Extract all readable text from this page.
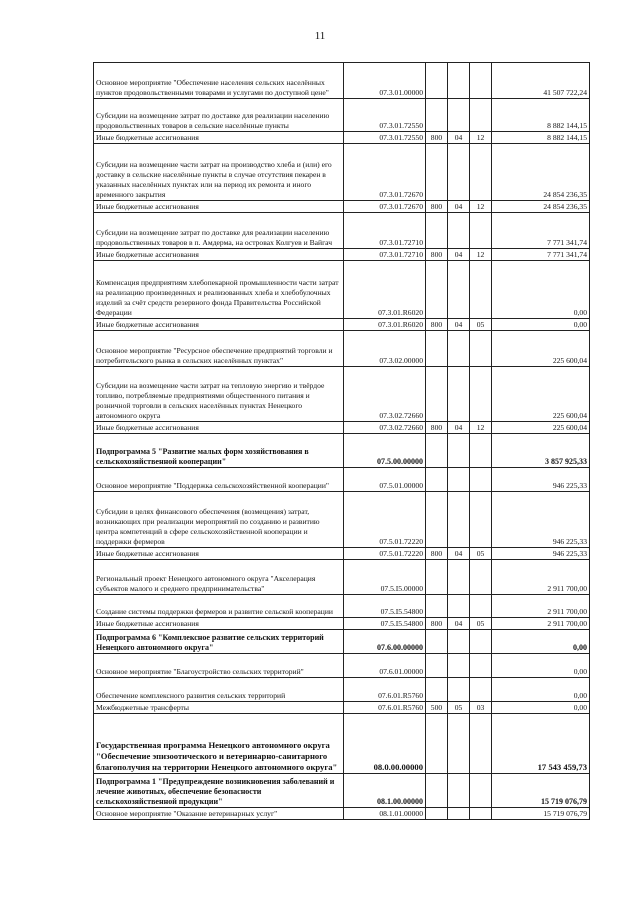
11
Основное мероприятие "Обеспечение населения сельских населённых пунктов продовольственными товарами и услугами по доступной цене"	07.3.01.00000				41 507 722,24
Субсидии на возмещение затрат по доставке для реализации населению продовольственных товаров в сельские населённые пункты	07.3.01.72550				8 882 144,15
Иные бюджетные ассигнования	07.3.01.72550	800	04	12	8 882 144,15
Субсидии на возмещение части затрат на производство хлеба и (или) его доставку в сельские населённые пункты в случае отсутствия пекарен в указанных населённых пунктах или на период их ремонта и иного временного закрытия	07.3.01.72670				24 854 236,35
Иные бюджетные ассигнования	07.3.01.72670	800	04	12	24 854 236,35
Субсидии на возмещение затрат по доставке для реализации населению продовольственных товаров в п. Амдерма, на островах Колгуев и Вайгач	07.3.01.72710				7 771 341,74
Иные бюджетные ассигнования	07.3.01.72710	800	04	12	7 771 341,74
Компенсация предприятиям хлебопекарной промышленности части затрат на реализацию произведенных и реализованных хлеба и хлебобулочных изделий за счёт средств резервного фонда Правительства Российской Федерации	07.3.01.R6020				0,00
Иные бюджетные ассигнования	07.3.01.R6020	800	04	05	0,00
Основное мероприятие "Ресурсное обеспечение предприятий торговли и потребительского рынка в сельских населённых пунктах"	07.3.02.00000				225 600,04
Субсидии на возмещение части затрат на тепловую энергию и твёрдое топливо, потребляемые предприятиями общественного питания и розничной торговли в сельских населённых пунктах Ненецкого автономного округа	07.3.02.72660				225 600,04
Иные бюджетные ассигнования	07.3.02.72660	800	04	12	225 600,04
Подпрограмма 5 "Развитие малых форм хозяйствования в сельскохозяйственной кооперации"	07.5.00.00000				3 857 925,33
Основное мероприятие "Поддержка сельскохозяйственной кооперации"	07.5.01.00000				946 225,33
Субсидии в целях финансового обеспечения (возмещения) затрат, возникающих при реализации мероприятий по созданию и развитию центра компетенций в сфере сельскохозяйственной кооперации и поддержки фермеров	07.5.01.72220				946 225,33
Иные бюджетные ассигнования	07.5.01.72220	800	04	05	946 225,33
Региональный проект Ненецкого автономного округа "Акселерация субъектов малого и среднего предпринимательства"	07.5.I5.00000				2 911 700,00
Создание системы поддержки фермеров и развитие сельской кооперации	07.5.I5.54800				2 911 700,00
Иные бюджетные ассигнования	07.5.I5.54800	800	04	05	2 911 700,00
Подпрограмма 6 "Комплексное развитие сельских территорий Ненецкого автономного округа"	07.6.00.00000				0,00
Основное мероприятие "Благоустройство сельских территорий"	07.6.01.00000				0,00
Обеспечение комплексного развития сельских территорий	07.6.01.R5760				0,00
Межбюджетные трансферты	07.6.01.R5760	500	05	03	0,00
Государственная программа Ненецкого автономного округа "Обеспечение эпизоотического и ветеринарно-санитарного благополучия на территории Ненецкого автономного округа"	08.0.00.00000				17 543 459,73
Подпрограмма 1 "Предупреждение возникновения заболеваний и лечение животных, обеспечение безопасности сельскохозяйственной продукции"	08.1.00.00000				15 719 076,79
Основное мероприятие "Оказание ветеринарных услуг"	08.1.01.00000				15 719 076,79
